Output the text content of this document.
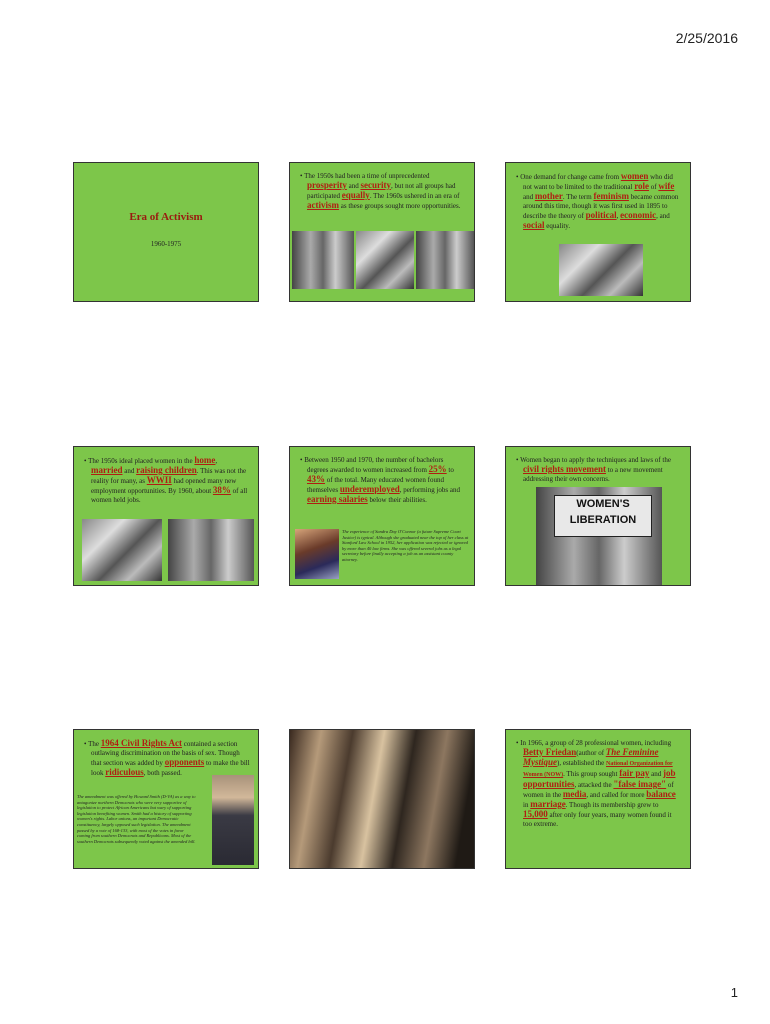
2/25/2016
Era of Activism
1960-1975

• The 1950s had been a time of unprecedented prosperity and security, but not all groups had participated equally. The 1960s ushered in an era of activism as these groups sought more opportunities.

• One demand for change came from women who did not want to be limited to the traditional role of wife and mother. The term feminism became common around this time, though it was first used in 1895 to describe the theory of political, economic, and social equality.

• The 1950s ideal placed women in the home, married and raising children. This was not the reality for many, as WWII had opened many new employment opportunities. By 1960, about 38% of all women held jobs.

• Between 1950 and 1970, the number of bachelors degrees awarded to women increased from 25% to 43% of the total. Many educated women found themselves underemployed, performing jobs and earning salaries below their abilities.

The experience of Sandra Day O'Connor (a future Supreme Court Justice) is typical. Although she graduated near the top of her class at Stanford Law School in 1952, her application was rejected or ignored by more than 40 law firms. She was offered several jobs as a legal secretary before finally accepting a job as an assistant county attorney.

• Women began to apply the techniques and laws of the civil rights movement to a new movement addressing their own concerns.

WOMEN'S
LIBERATION

• The 1964 Civil Rights Act contained a section outlawing discrimination on the basis of sex. Though that section was added by opponents to make the bill look ridiculous, both passed.

The amendment was offered by Howard Smith (D-VA) as a way to antagonize northern Democrats who were very supportive of legislation to protect African Americans but wary of supporting legislation benefiting women. Smith had a history of supporting women's rights. Labor unions, an important Democratic constituency, largely opposed such legislation. The amendment passed by a vote of 168-133, with most of the votes in favor coming from southern Democrats and Republicans. Most of the southern Democrats subsequently voted against the amended bill.

• In 1966, a group of 28 professional women, including Betty Friedan(author of The Feminine Mystique), established the National Organization for Women (NOW). This group sought fair pay and job opportunities, attacked the "false image" of women in the media, and called for more balance in marriage. Though its membership grew to 15,000 after only four years, many women found it too extreme.

1
